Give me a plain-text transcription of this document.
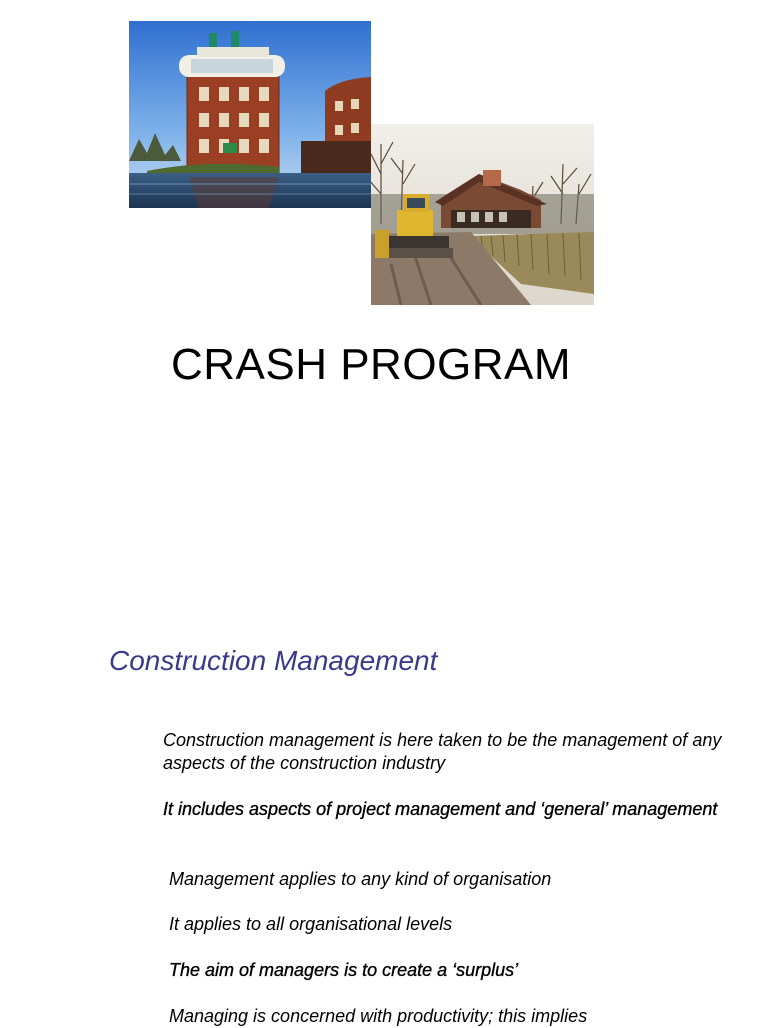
CRASH PROGRAM
Construction Management

Construction management is here taken to be the management of any aspects of the construction industry

It includes aspects of project management and ‘general’ management

Management applies to any kind of organisation

It applies to all organisational levels

The aim of managers is to create a ‘surplus’

Managing is concerned with productivity; this implies
